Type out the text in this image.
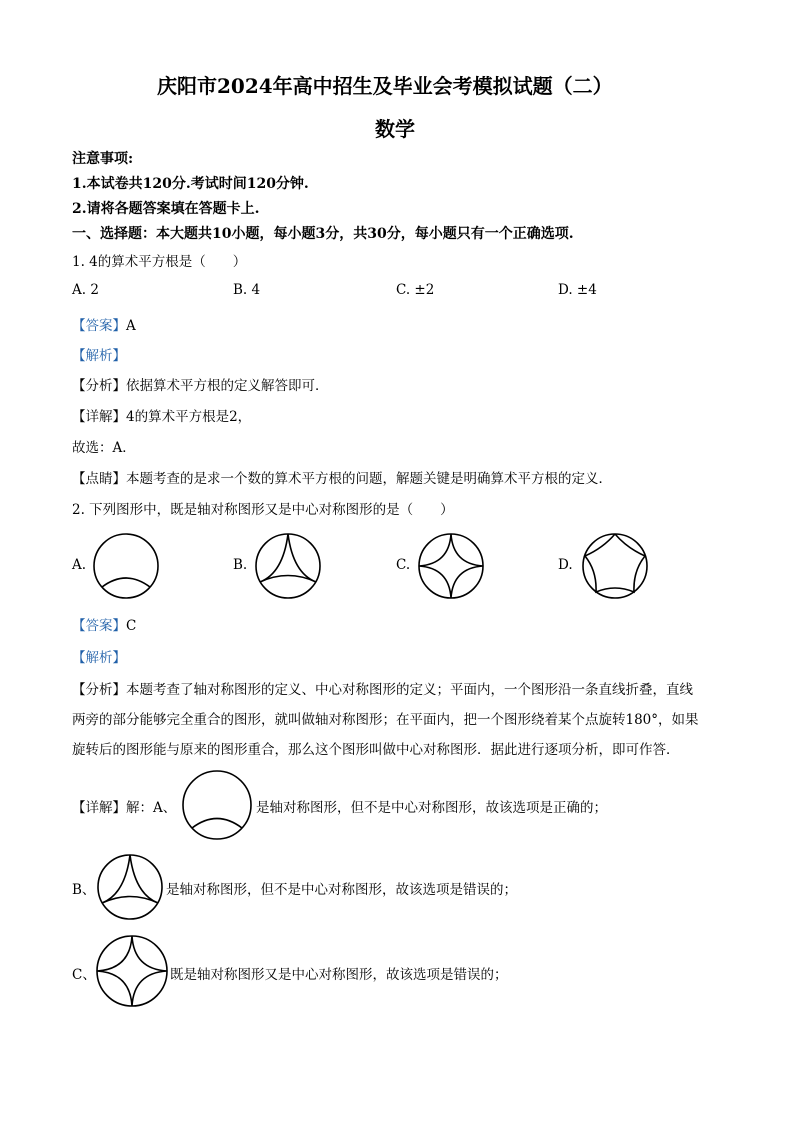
庆阳市2024年高中招生及毕业会考模拟试题（二）
数学
注意事项:
1.本试卷共120分.考试时间120分钟.
2.请将各题答案填在答题卡上.
一、选择题：本大题共10小题，每小题3分，共30分，每小题只有一个正确选项.
1. 4的算术平方根是（　　）
A. 2	B. 4	C. ±2	D. ±4
【答案】A
【解析】
【分析】依据算术平方根的定义解答即可．
【详解】4的算术平方根是2，
故选：A．
【点睛】本题考查的是求一个数的算术平方根的问题，解题关键是明确算术平方根的定义．
2. 下列图形中，既是轴对称图形又是中心对称图形的是（　　）
A.	B.	C.	D.
【答案】C
【解析】
【分析】本题考查了轴对称图形的定义、中心对称图形的定义；平面内，一个图形沿一条直线折叠，直线
两旁的部分能够完全重合的图形，就叫做轴对称图形；在平面内，把一个图形绕着某个点旋转180°，如果
旋转后的图形能与原来的图形重合，那么这个图形叫做中心对称图形．据此进行逐项分析，即可作答．
【详解】解：A、	是轴对称图形，但不是中心对称图形，故该选项是正确的；
B、	是轴对称图形，但不是中心对称图形，故该选项是错误的；
C、	既是轴对称图形又是中心对称图形，故该选项是错误的；
